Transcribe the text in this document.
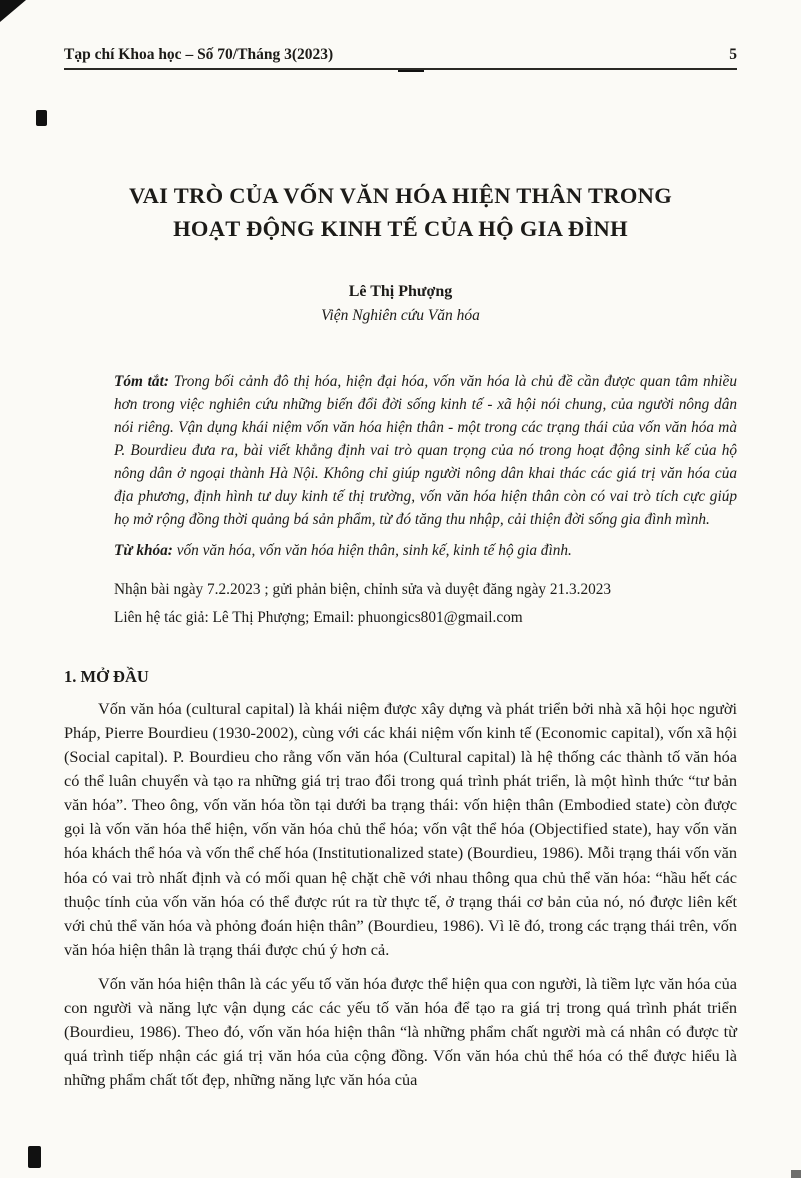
Tạp chí Khoa học – Số 70/Tháng 3(2023)	5
VAI TRÒ CỦA VỐN VĂN HÓA HIỆN THÂN TRONG
HOẠT ĐỘNG KINH TẾ CỦA HỘ GIA ĐÌNH
Lê Thị Phượng
Viện Nghiên cứu Văn hóa
Tóm tắt: Trong bối cảnh đô thị hóa, hiện đại hóa, vốn văn hóa là chủ đề cần được quan tâm nhiều hơn trong việc nghiên cứu những biến đổi đời sống kinh tế - xã hội nói chung, của người nông dân nói riêng. Vận dụng khái niệm vốn văn hóa hiện thân - một trong các trạng thái của vốn văn hóa mà P. Bourdieu đưa ra, bài viết khẳng định vai trò quan trọng của nó trong hoạt động sinh kế của hộ nông dân ở ngoại thành Hà Nội. Không chỉ giúp người nông dân khai thác các giá trị văn hóa của địa phương, định hình tư duy kinh tế thị trường, vốn văn hóa hiện thân còn có vai trò tích cực giúp họ mở rộng đồng thời quảng bá sản phẩm, từ đó tăng thu nhập, cải thiện đời sống gia đình mình.
Từ khóa: vốn văn hóa, vốn văn hóa hiện thân, sinh kế, kinh tế hộ gia đình.
Nhận bài ngày 7.2.2023 ; gửi phản biện, chỉnh sửa và duyệt đăng ngày 21.3.2023
Liên hệ tác giả: Lê Thị Phượng; Email: phuongics801@gmail.com
1. MỞ ĐẦU
Vốn văn hóa (cultural capital) là khái niệm được xây dựng và phát triển bởi nhà xã hội học người Pháp, Pierre Bourdieu (1930-2002), cùng với các khái niệm vốn kinh tế (Economic capital), vốn xã hội (Social capital). P. Bourdieu cho rằng vốn văn hóa (Cultural capital) là hệ thống các thành tố văn hóa có thể luân chuyển và tạo ra những giá trị trao đổi trong quá trình phát triển, là một hình thức “tư bản văn hóa”. Theo ông, vốn văn hóa tồn tại dưới ba trạng thái: vốn hiện thân (Embodied state) còn được gọi là vốn văn hóa thể hiện, vốn văn hóa chủ thể hóa; vốn vật thể hóa (Objectified state), hay vốn văn hóa khách thể hóa và vốn thể chế hóa (Institutionalized state) (Bourdieu, 1986). Mỗi trạng thái vốn văn hóa có vai trò nhất định và có mối quan hệ chặt chẽ với nhau thông qua chủ thể văn hóa: “hầu hết các thuộc tính của vốn văn hóa có thể được rút ra từ thực tế, ở trạng thái cơ bản của nó, nó được liên kết với chủ thể văn hóa và phỏng đoán hiện thân” (Bourdieu, 1986). Vì lẽ đó, trong các trạng thái trên, vốn văn hóa hiện thân là trạng thái được chú ý hơn cả.
Vốn văn hóa hiện thân là các yếu tố văn hóa được thể hiện qua con người, là tiềm lực văn hóa của con người và năng lực vận dụng các các yếu tố văn hóa để tạo ra giá trị trong quá trình phát triển (Bourdieu, 1986). Theo đó, vốn văn hóa hiện thân “là những phẩm chất người mà cá nhân có được từ quá trình tiếp nhận các giá trị văn hóa của cộng đồng. Vốn văn hóa chủ thể hóa có thể được hiểu là những phẩm chất tốt đẹp, những năng lực văn hóa của
